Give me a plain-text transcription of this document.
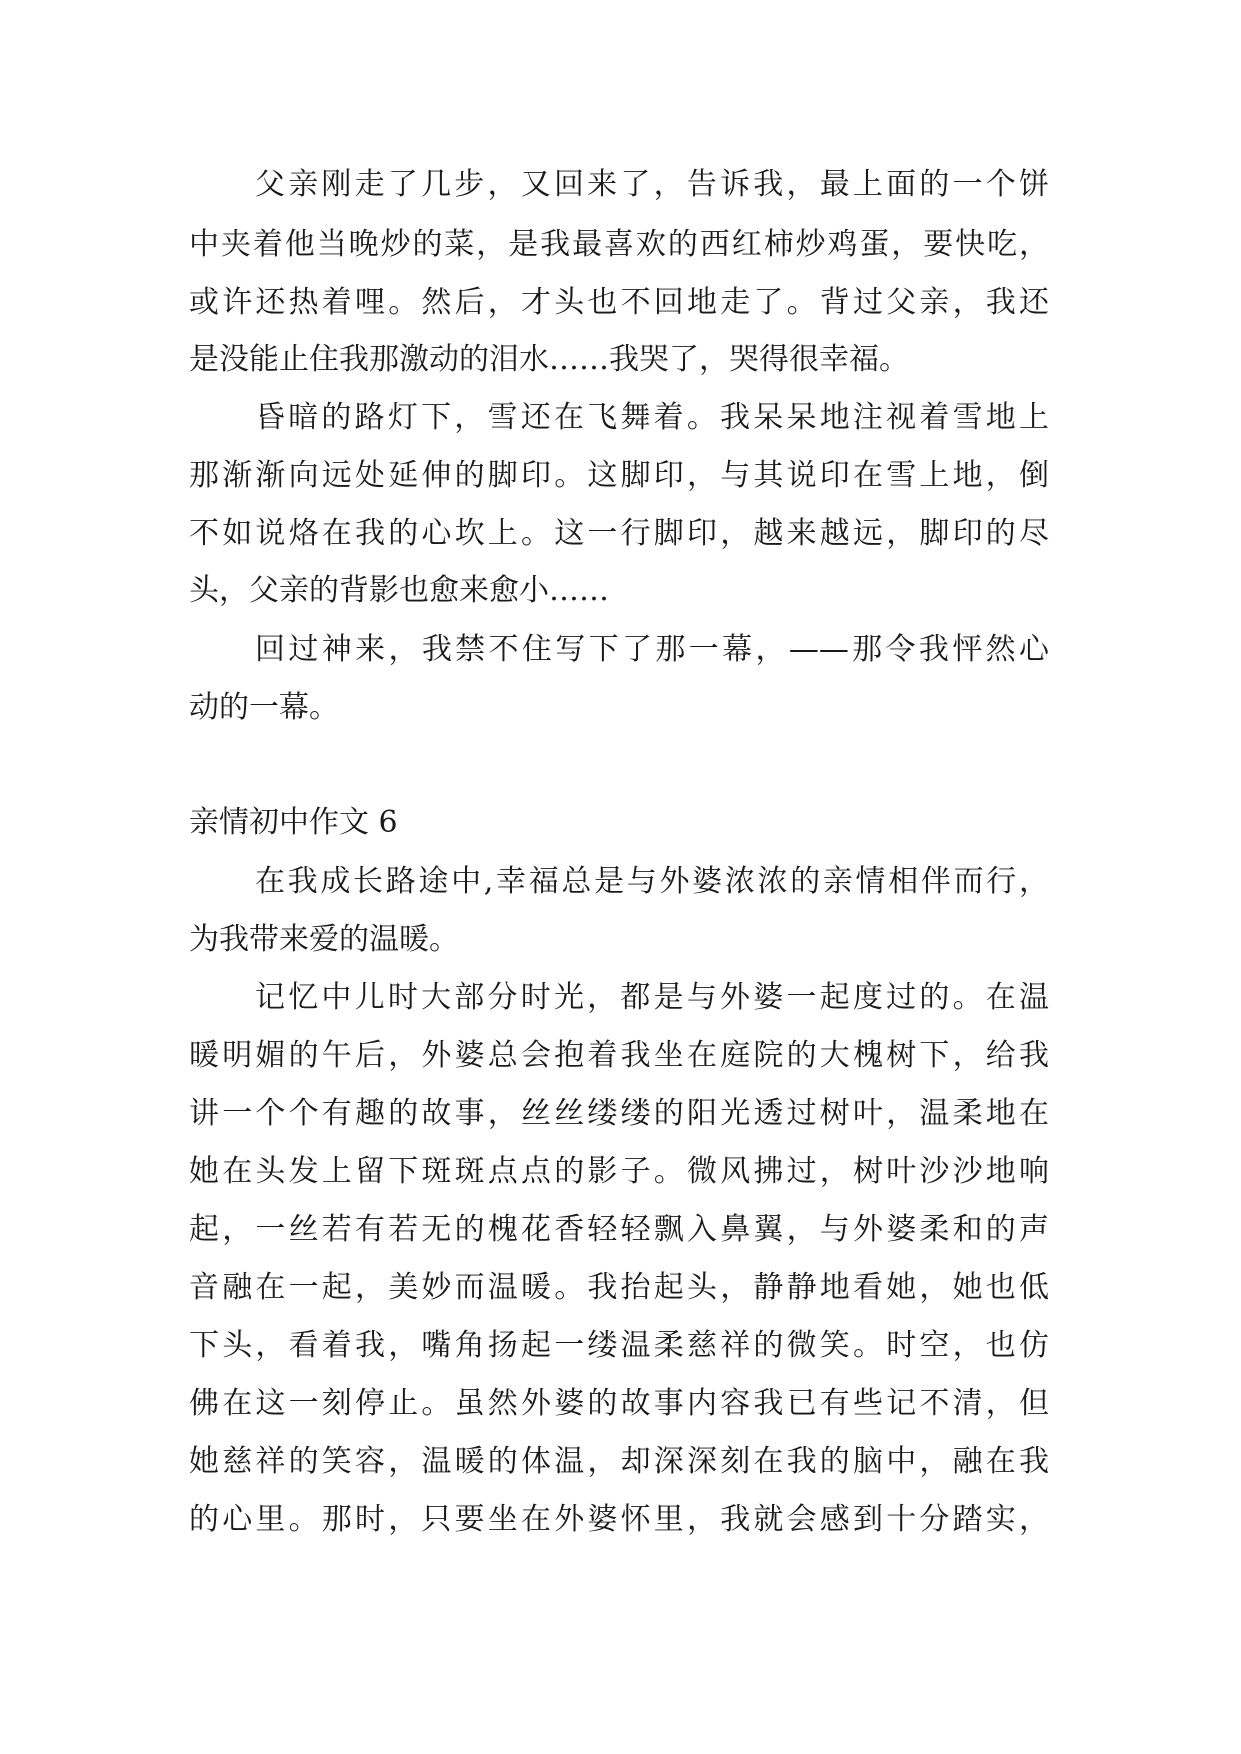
父亲刚走了几步，又回来了，告诉我，最上面的一个饼
中夹着他当晚炒的菜，是我最喜欢的西红柿炒鸡蛋，要快吃，
或许还热着哩。然后，才头也不回地走了。背过父亲，我还
是没能止住我那激动的泪水……我哭了，哭得很幸福。
昏暗的路灯下，雪还在飞舞着。我呆呆地注视着雪地上
那渐渐向远处延伸的脚印。这脚印，与其说印在雪上地，倒
不如说烙在我的心坎上。这一行脚印，越来越远，脚印的尽
头，父亲的背影也愈来愈小……
回过神来，我禁不住写下了那一幕，——那令我怦然心
动的一幕。
亲情初中作文 6
在我成长路途中,幸福总是与外婆浓浓的亲情相伴而行，
为我带来爱的温暖。
记忆中儿时大部分时光，都是与外婆一起度过的。在温
暖明媚的午后，外婆总会抱着我坐在庭院的大槐树下，给我
讲一个个有趣的故事，丝丝缕缕的阳光透过树叶，温柔地在
她在头发上留下斑斑点点的影子。微风拂过，树叶沙沙地响
起，一丝若有若无的槐花香轻轻飘入鼻翼，与外婆柔和的声
音融在一起，美妙而温暖。我抬起头，静静地看她，她也低
下头，看着我，嘴角扬起一缕温柔慈祥的微笑。时空，也仿
佛在这一刻停止。虽然外婆的故事内容我已有些记不清，但
她慈祥的笑容，温暖的体温，却深深刻在我的脑中，融在我
的心里。那时，只要坐在外婆怀里，我就会感到十分踏实，
